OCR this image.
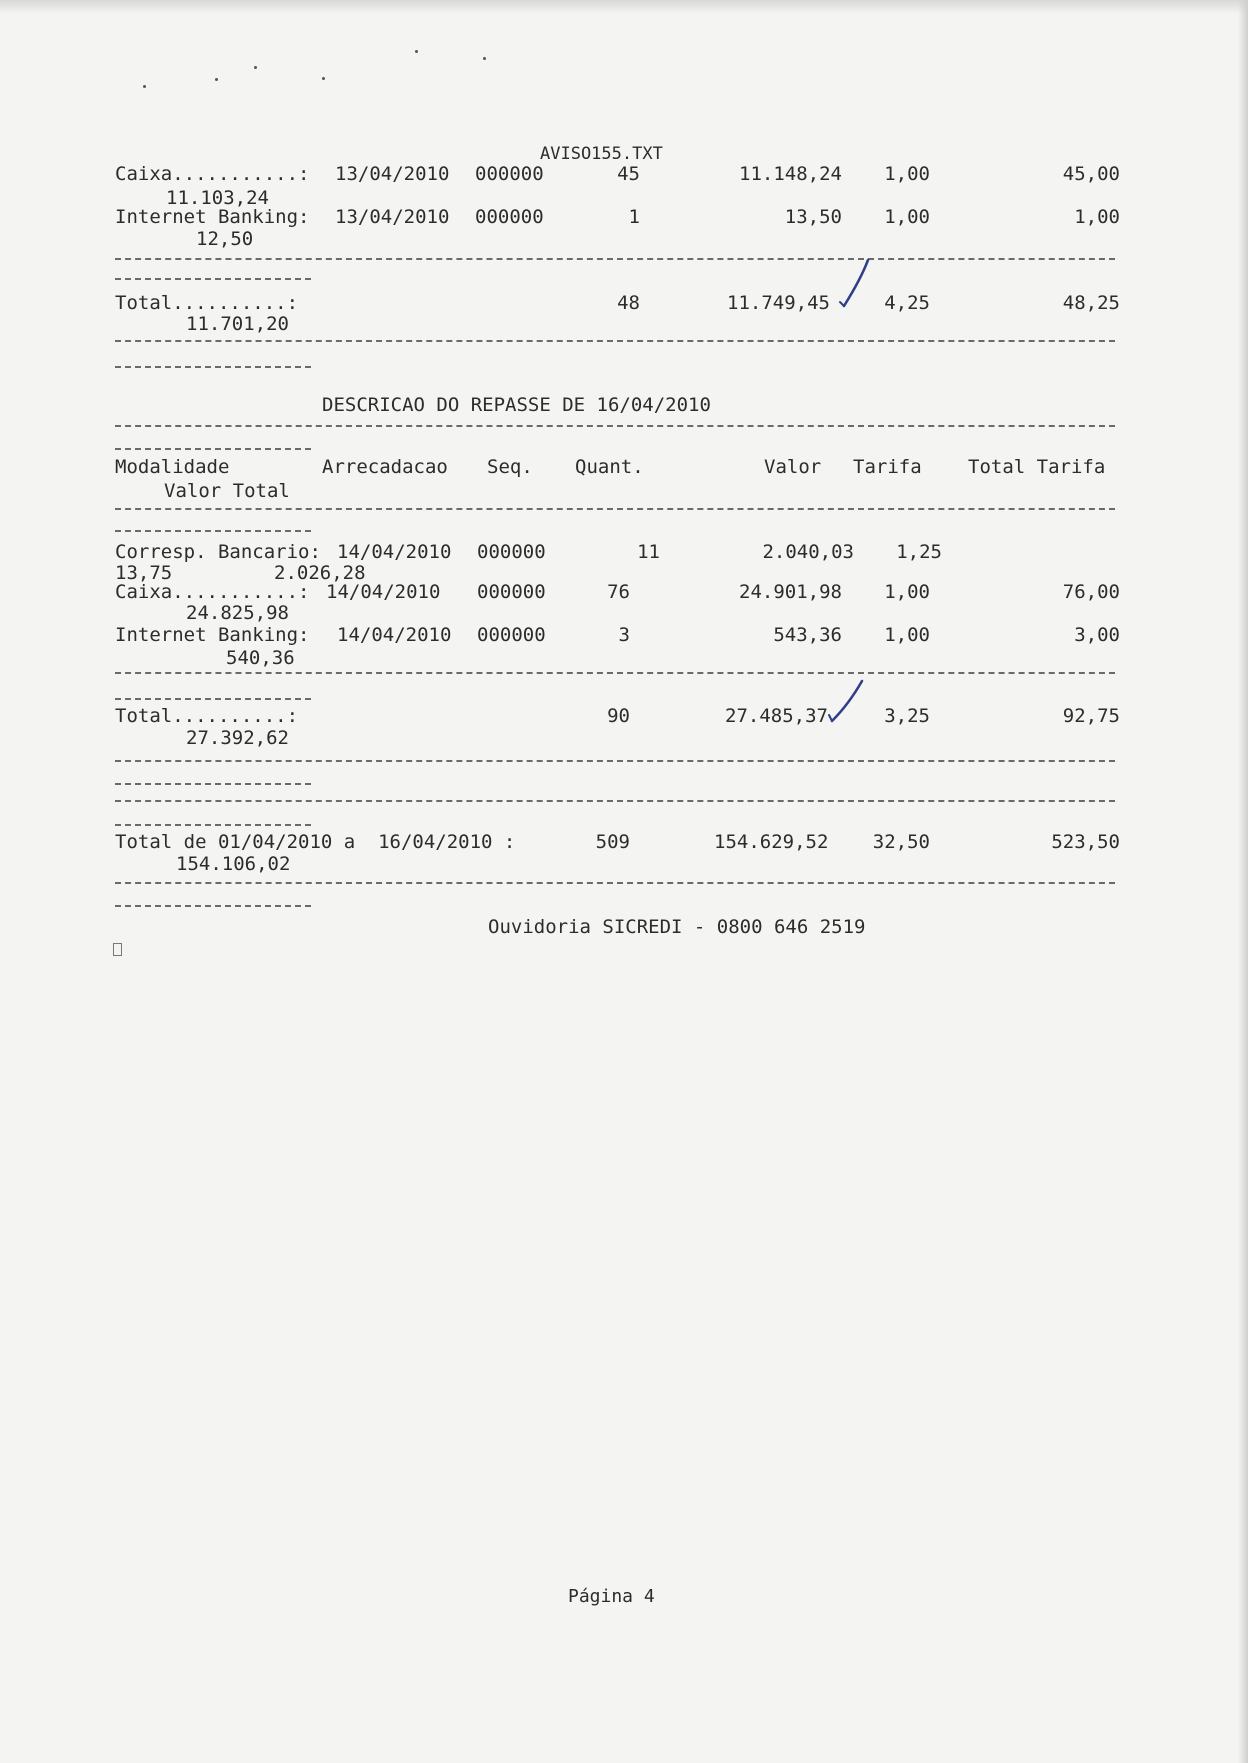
AVISO155.TXT
Caixa...........: 13/04/2010 000000	45	11.148,24	1,00	45,00
11.103,24
Internet Banking: 13/04/2010 000000	1	13,50	1,00	1,00
12,50
Total..........:	48	11.749,45	4,25	48,25
11.701,20
DESCRICAO DO REPASSE DE 16/04/2010
Modalidade	Arrecadacao Seq. Quant.	Valor Tarifa Total Tarifa
Valor Total
Corresp. Bancario: 14/04/2010 000000	11	2.040,03	1,25
13,75	2.026,28
Caixa...........: 14/04/2010 000000	76	24.901,98	1,00	76,00
24.825,98
Internet Banking: 14/04/2010 000000	3	543,36	1,00	3,00
540,36
Total..........:	90	27.485,37	3,25	92,75
27.392,62
Total de 01/04/2010 a  16/04/2010 :	509	154.629,52	32,50	523,50
154.106,02
Ouvidoria SICREDI - 0800 646 2519
Página 4
